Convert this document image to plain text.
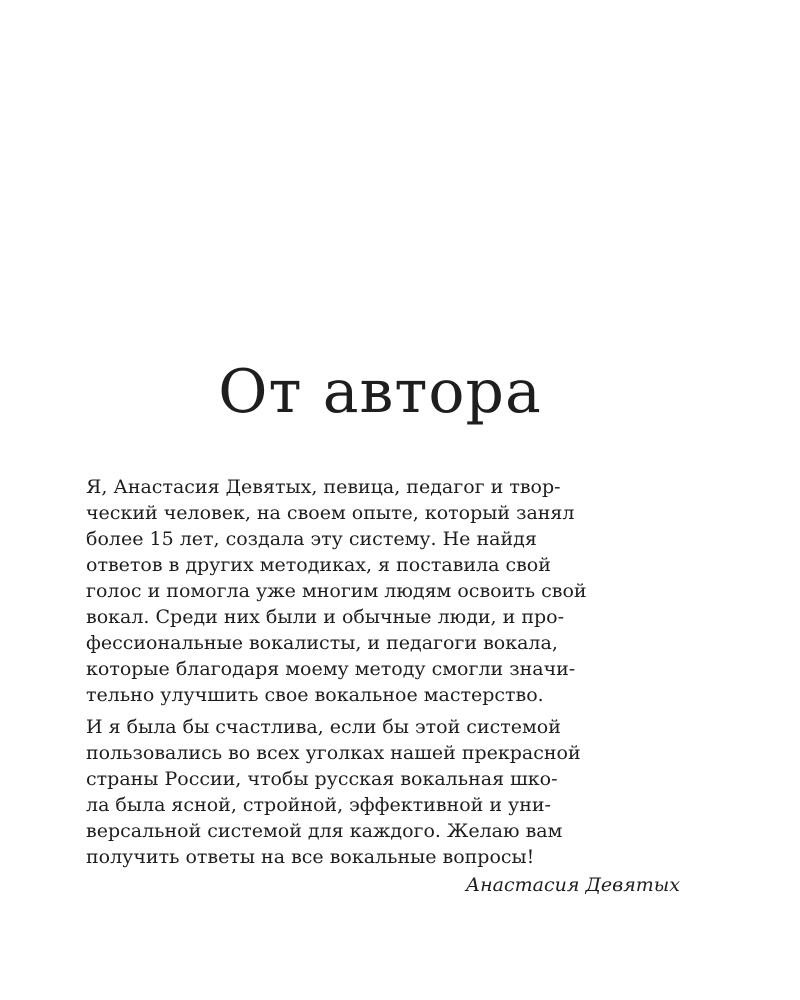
От автора
Я, Анастасия Девятых, певица, педагог и твор-
ческий человек, на своем опыте, который занял
более 15 лет, создала эту систему. Не найдя
ответов в других методиках, я поставила свой
голос и помогла уже многим людям освоить свой
вокал. Среди них были и обычные люди, и про-
фессиональные вокалисты, и педагоги вокала,
которые благодаря моему методу смогли значи-
тельно улучшить свое вокальное мастерство.
И я была бы счастлива, если бы этой системой
пользовались во всех уголках нашей прекрасной
страны России, чтобы русская вокальная шко-
ла была ясной, стройной, эффективной и уни-
версальной системой для каждого. Желаю вам
получить ответы на все вокальные вопросы!
Анастасия Девятых
